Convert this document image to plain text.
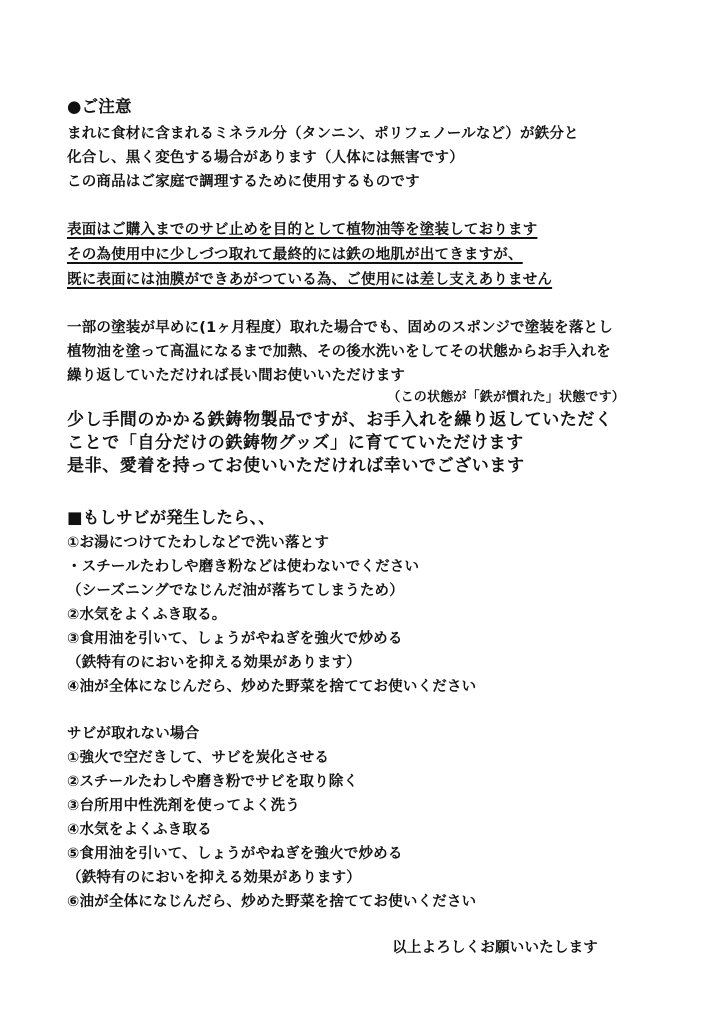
●ご注意
まれに食材に含まれるミネラル分（タンニン、ポリフェノールなど）が鉄分と
化合し、黒く変色する場合があります（人体には無害です）
この商品はご家庭で調理するために使用するものです
表面はご購入までのサビ止めを目的として植物油等を塗装しております
その為使用中に少しづつ取れて最終的には鉄の地肌が出てきますが、
既に表面には油膜ができあがつている為、ご使用には差し支えありません
一部の塗装が早めに(1ヶ月程度）取れた場合でも、固めのスポンジで塗装を落とし
植物油を塗って高温になるまで加熱、その後水洗いをしてその状態からお手入れを
繰り返していただければ長い間お使いいただけます
（この状態が「鉄が慣れた」状態です）
少し手間のかかる鉄鋳物製品ですが、お手入れを繰り返していただく
ことで「自分だけの鉄鋳物グッズ」に育てていただけます
是非、愛着を持ってお使いいただければ幸いでございます
■もしサビが発生したら、、
①お湯につけてたわしなどで洗い落とす
・スチールたわしや磨き粉などは使わないでください
（シーズニングでなじんだ油が落ちてしまうため）
②水気をよくふき取る。
③食用油を引いて、しょうがやねぎを強火で炒める
（鉄特有のにおいを抑える効果があります）
④油が全体になじんだら、炒めた野菜を捨ててお使いください
サビが取れない場合
①強火で空だきして、サビを炭化させる
②スチールたわしや磨き粉でサビを取り除く
③台所用中性洗剤を使ってよく洗う
④水気をよくふき取る
⑤食用油を引いて、しょうがやねぎを強火で炒める
（鉄特有のにおいを抑える効果があります）
⑥油が全体になじんだら、炒めた野菜を捨ててお使いください
以上よろしくお願いいたします
